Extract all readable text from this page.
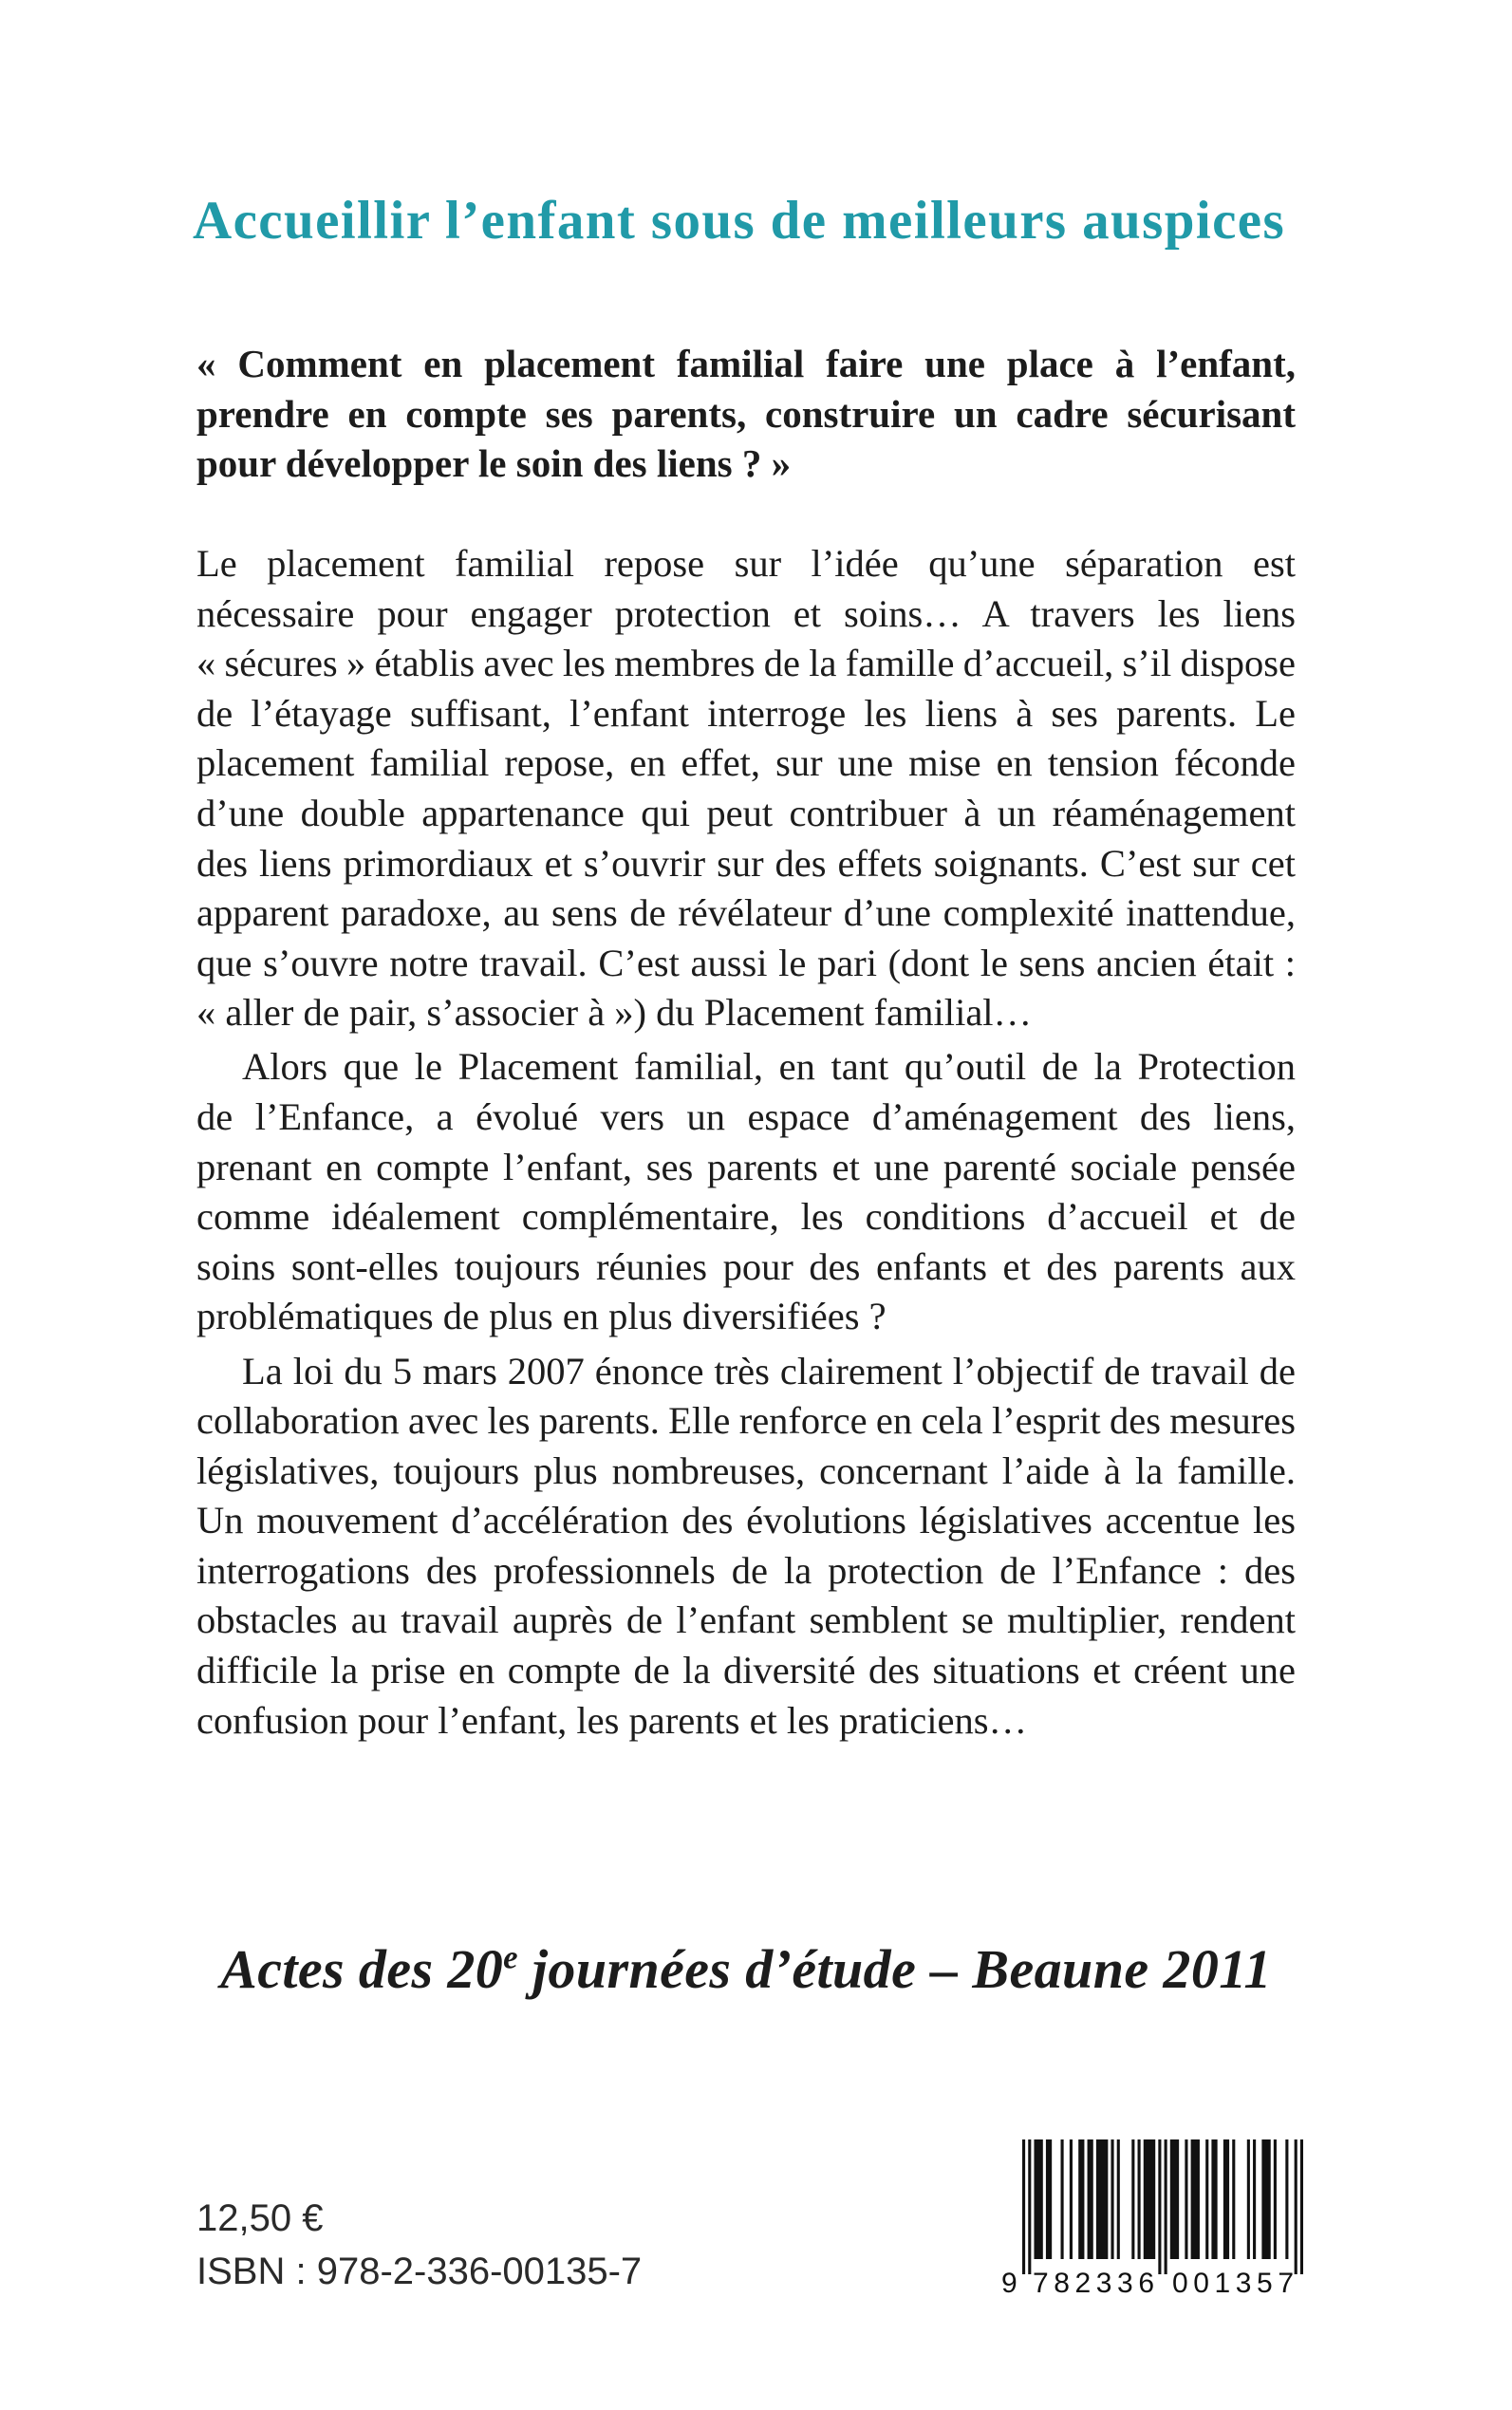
Accueillir l’enfant sous de meilleurs auspices
« Comment en placement familial faire une place à l’enfant,
prendre en compte ses parents, construire un cadre sécurisant
pour développer le soin des liens ? »
Le placement familial repose sur l’idée qu’une séparation est
nécessaire pour engager protection et soins… A travers les liens
« sécures » établis avec les membres de la famille d’accueil, s’il dispose
de l’étayage suffisant, l’enfant interroge les liens à ses parents. Le
placement familial repose, en effet, sur une mise en tension féconde
d’une double appartenance qui peut contribuer à un réaménagement
des liens primordiaux et s’ouvrir sur des effets soignants. C’est sur cet
apparent paradoxe, au sens de révélateur d’une complexité inattendue,
que s’ouvre notre travail. C’est aussi le pari (dont le sens ancien était :
« aller de pair, s’associer à ») du Placement familial…
Alors que le Placement familial, en tant qu’outil de la Protection
de l’Enfance, a évolué vers un espace d’aménagement des liens,
prenant en compte l’enfant, ses parents et une parenté sociale pensée
comme idéalement complémentaire, les conditions d’accueil et de
soins sont-elles toujours réunies pour des enfants et des parents aux
problématiques de plus en plus diversifiées ?
La loi du 5 mars 2007 énonce très clairement l’objectif de travail de
collaboration avec les parents. Elle renforce en cela l’esprit des mesures
législatives, toujours plus nombreuses, concernant l’aide à la famille.
Un mouvement d’accélération des évolutions législatives accentue les
interrogations des professionnels de la protection de l’Enfance : des
obstacles au travail auprès de l’enfant semblent se multiplier, rendent
difficile la prise en compte de la diversité des situations et créent une
confusion pour l’enfant, les parents et les praticiens…
Actes des 20e journées d’étude – Beaune 2011
12,50 €
ISBN : 978-2-336-00135-7	9 782336 001357
